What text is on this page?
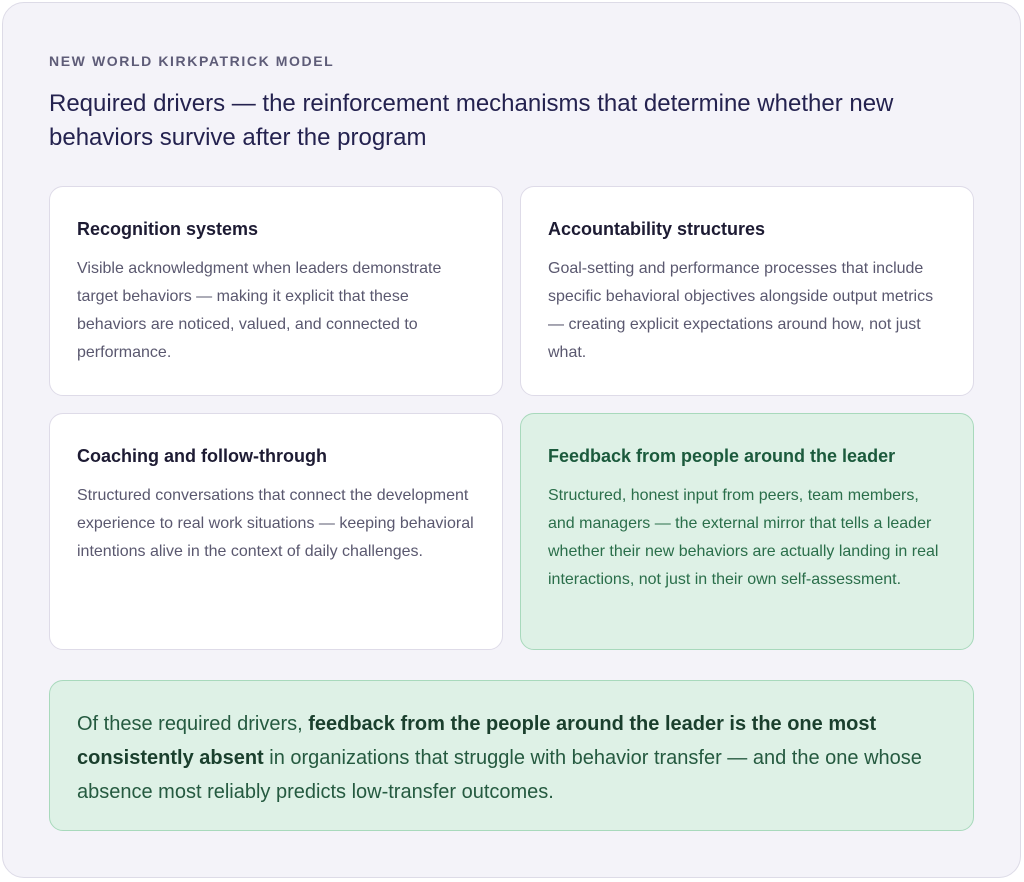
NEW WORLD KIRKPATRICK MODEL
Required drivers — the reinforcement mechanisms that determine whether new behaviors survive after the program
Recognition systems

Visible acknowledgment when leaders demonstrate target behaviors — making it explicit that these behaviors are noticed, valued, and connected to performance.

Accountability structures

Goal-setting and performance processes that include specific behavioral objectives alongside output metrics — creating explicit expectations around how, not just what.

Coaching and follow-through

Structured conversations that connect the development experience to real work situations — keeping behavioral intentions alive in the context of daily challenges.

Feedback from people around the leader

Structured, honest input from peers, team members, and managers — the external mirror that tells a leader whether their new behaviors are actually landing in real interactions, not just in their own self-assessment.

Of these required drivers, feedback from the people around the leader is the one most consistently absent in organizations that struggle with behavior transfer — and the one whose absence most reliably predicts low-transfer outcomes.
